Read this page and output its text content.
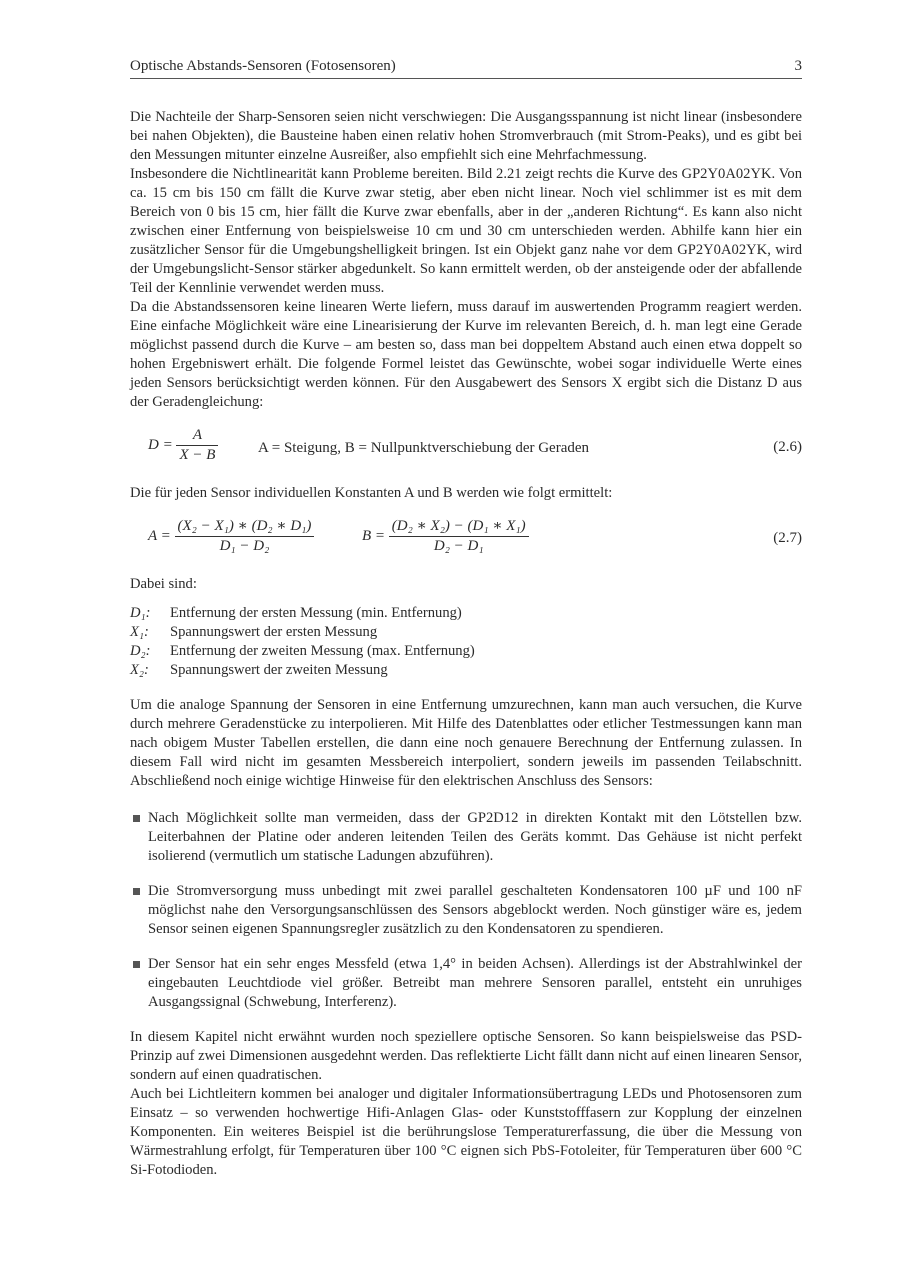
Optische Abstands-Sensoren (Fotosensoren)	3

Die Nachteile der Sharp-Sensoren seien nicht verschwiegen: Die Ausgangsspannung ist nicht linear (insbesondere bei nahen Objekten), die Bausteine haben einen relativ hohen Stromverbrauch (mit Strom-Peaks), und es gibt bei den Messungen mitunter einzelne Ausreißer, also empfiehlt sich eine Mehrfachmessung.

Insbesondere die Nichtlinearität kann Probleme bereiten. Bild 2.21 zeigt rechts die Kurve des GP2Y0A02YK. Von ca. 15 cm bis 150 cm fällt die Kurve zwar stetig, aber eben nicht linear. Noch viel schlimmer ist es mit dem Bereich von 0 bis 15 cm, hier fällt die Kurve zwar ebenfalls, aber in der „anderen Richtung“. Es kann also nicht zwischen einer Entfernung von beispielsweise 10 cm und 30 cm unterschieden werden. Abhilfe kann hier ein zusätzlicher Sensor für die Umgebungshelligkeit bringen. Ist ein Objekt ganz nahe vor dem GP2Y0A02YK, wird der Umgebungslicht-Sensor stärker abgedunkelt. So kann ermittelt werden, ob der ansteigende oder der abfallende Teil der Kennlinie verwendet werden muss.

Da die Abstandssensoren keine linearen Werte liefern, muss darauf im auswertenden Programm reagiert werden. Eine einfache Möglichkeit wäre eine Linearisierung der Kurve im relevanten Bereich, d. h. man legt eine Gerade möglichst passend durch die Kurve – am besten so, dass man bei doppeltem Abstand auch einen etwa doppelt so hohen Ergebniswert erhält. Die folgende Formel leistet das Gewünschte, wobei sogar individuelle Werte eines jeden Sensors berücksichtigt werden können. Für den Ausgabewert des Sensors X ergibt sich die Distanz D aus der Geradengleichung:

$D = \frac{A}{X - B}$	A = Steigung, B = Nullpunktverschiebung der Geraden	(2.6)

Die für jeden Sensor individuellen Konstanten A und B werden wie folgt ermittelt:

$A = \frac{\text{(X₂ − X₁) ∗ (D₂ ∗ D₁)}}{\text{D₁ − D₂}}$	$B = \frac{\text{(D₂ ∗ X₂) − (D₁ ∗ X₁)}}{\text{D₂ − D₁}}$	(2.7)

Dabei sind:

D₁:	Entfernung der ersten Messung (min. Entfernung)
X₁:	Spannungswert der ersten Messung
D₂:	Entfernung der zweiten Messung (max. Entfernung)
X₂:	Spannungswert der zweiten Messung

Um die analoge Spannung der Sensoren in eine Entfernung umzurechnen, kann man auch versuchen, die Kurve durch mehrere Geradenstücke zu interpolieren. Mit Hilfe des Datenblattes oder etlicher Testmessungen kann man nach obigem Muster Tabellen erstellen, die dann eine noch genauere Berechnung der Entfernung zulassen. In diesem Fall wird nicht im gesamten Messbereich interpoliert, sondern jeweils im passenden Teilabschnitt. Abschließend noch einige wichtige Hinweise für den elektrischen Anschluss des Sensors:

Nach Möglichkeit sollte man vermeiden, dass der GP2D12 in direkten Kontakt mit den Lötstellen bzw. Leiterbahnen der Platine oder anderen leitenden Teilen des Geräts kommt. Das Gehäuse ist nicht perfekt isolierend (vermutlich um statische Ladungen abzuführen).
Die Stromversorgung muss unbedingt mit zwei parallel geschalteten Kondensatoren 100 µF und 100 nF möglichst nahe den Versorgungsanschlüssen des Sensors abgeblockt werden. Noch günstiger wäre es, jedem Sensor seinen eigenen Spannungsregler zusätzlich zu den Kondensatoren zu spendieren.
Der Sensor hat ein sehr enges Messfeld (etwa 1,4° in beiden Achsen). Allerdings ist der Abstrahlwinkel der eingebauten Leuchtdiode viel größer. Betreibt man mehrere Sensoren parallel, entsteht ein unruhiges Ausgangssignal (Schwebung, Interferenz).

In diesem Kapitel nicht erwähnt wurden noch speziellere optische Sensoren. So kann beispielsweise das PSD-Prinzip auf zwei Dimensionen ausgedehnt werden. Das reflektierte Licht fällt dann nicht auf einen linearen Sensor, sondern auf einen quadratischen.

Auch bei Lichtleitern kommen bei analoger und digitaler Informationsübertragung LEDs und Photosensoren zum Einsatz – so verwenden hochwertige Hifi-Anlagen Glas- oder Kunststofffasern zur Kopplung der einzelnen Komponenten. Ein weiteres Beispiel ist die berührungslose Temperaturerfassung, die über die Messung von Wärmestrahlung erfolgt, für Temperaturen über 100 °C eignen sich PbS-Fotoleiter, für Temperaturen über 600 °C Si-Fotodioden.
